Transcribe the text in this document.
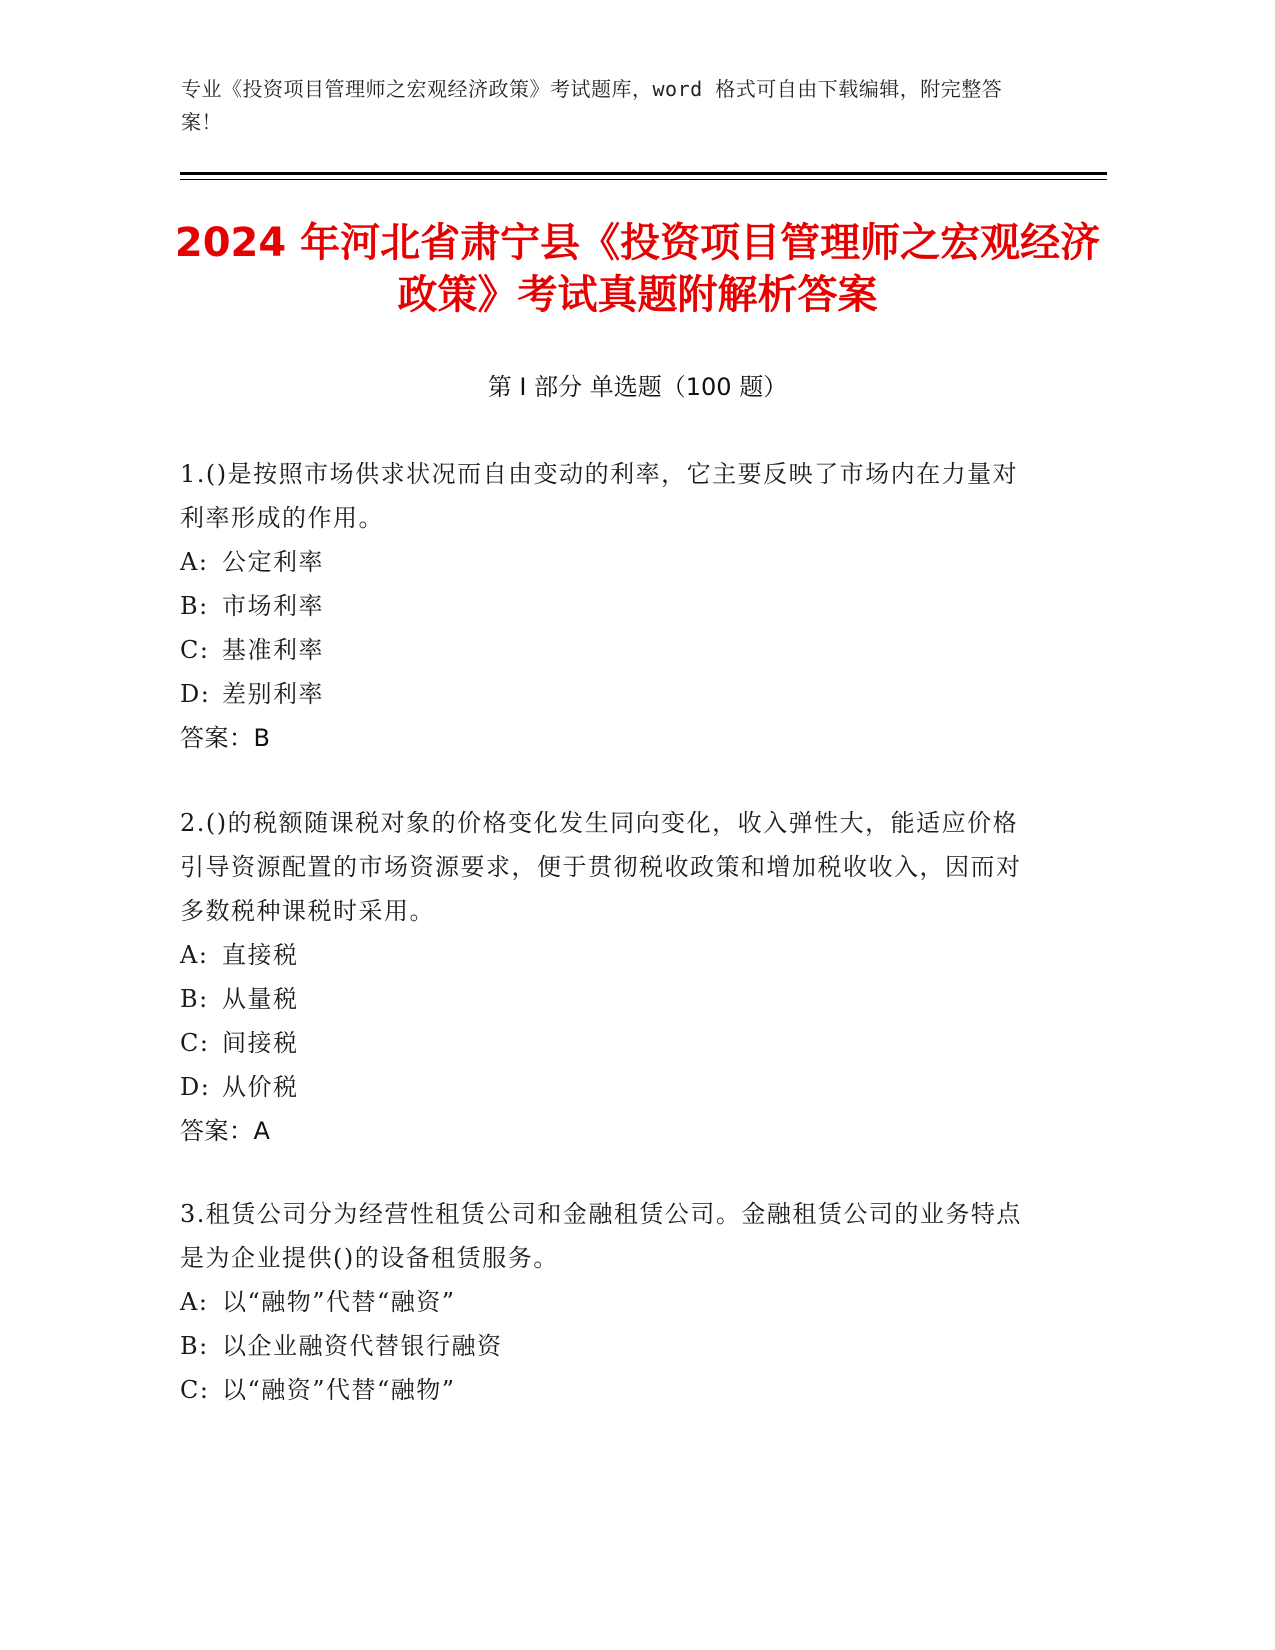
专业《投资项目管理师之宏观经济政策》考试题库，word 格式可自由下载编辑，附完整答案！
2024 年河北省肃宁县《投资项目管理师之宏观经济政策》考试真题附解析答案
第 I 部分 单选题（100 题）
1.()是按照市场供求状况而自由变动的利率，它主要反映了市场内在力量对利率形成的作用。
A: 公定利率
B: 市场利率
C: 基准利率
D: 差别利率
答案：B
2.()的税额随课税对象的价格变化发生同向变化，收入弹性大，能适应价格引导资源配置的市场资源要求，便于贯彻税收政策和增加税收收入，因而对多数税种课税时采用。
A: 直接税
B: 从量税
C: 间接税
D: 从价税
答案：A
3.租赁公司分为经营性租赁公司和金融租赁公司。金融租赁公司的业务特点是为企业提供()的设备租赁服务。
A: 以“融物”代替“融资”
B: 以企业融资代替银行融资
C: 以“融资”代替“融物”
